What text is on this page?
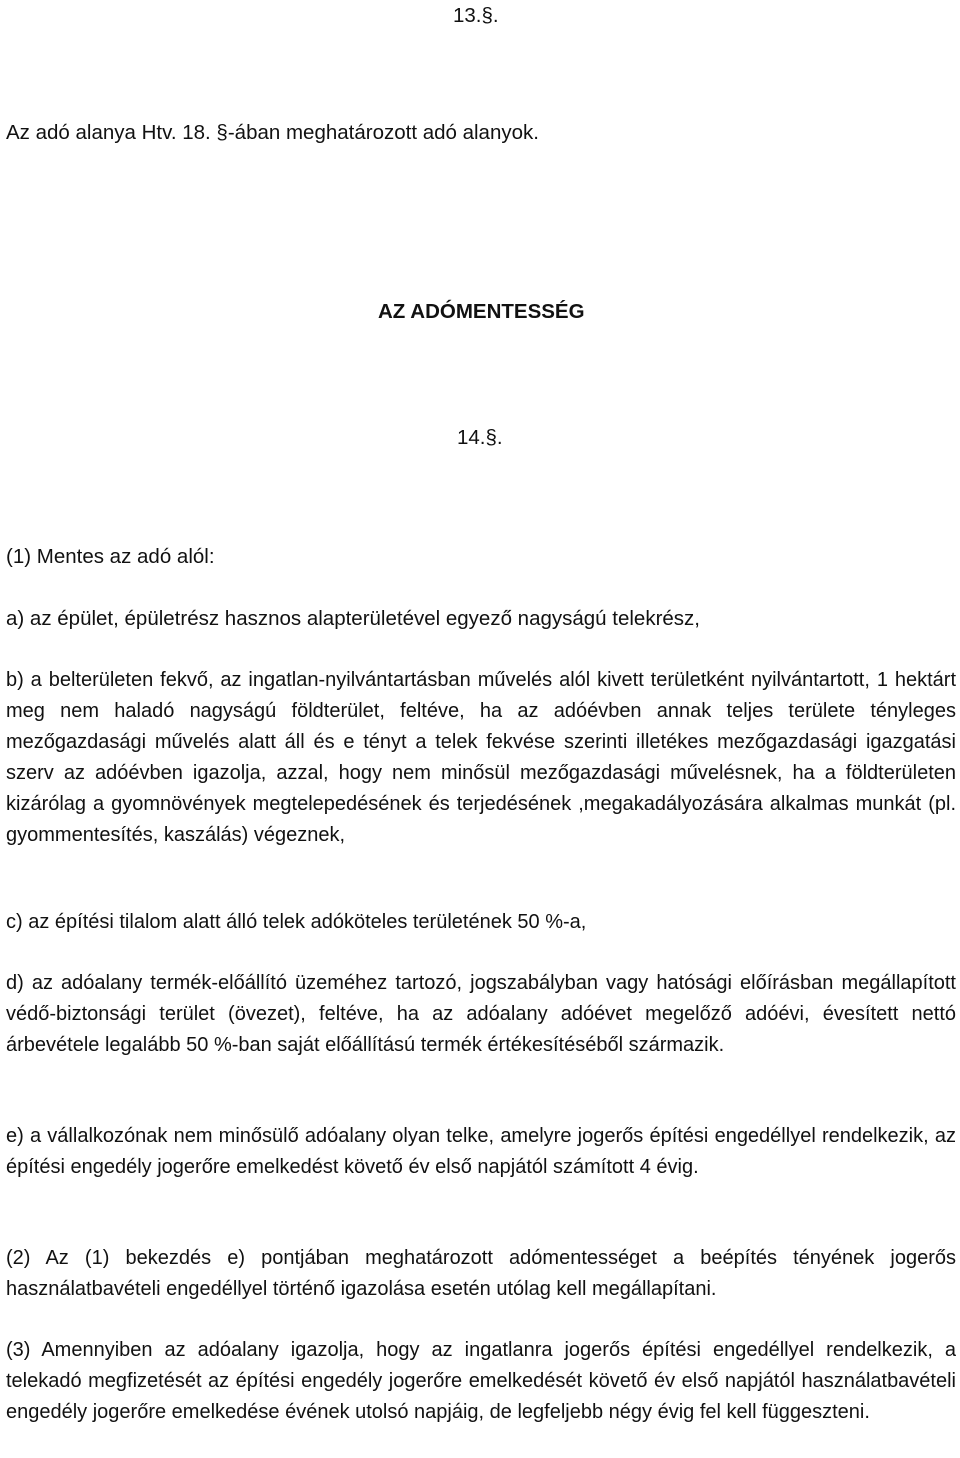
13.§.
Az adó alanya Htv. 18. §-ában meghatározott adó alanyok.
AZ ADÓMENTESSÉG
14.§.
(1) Mentes az adó alól:
a) az épület, épületrész hasznos alapterületével egyező nagyságú telekrész,

b) a belterületen fekvő, az ingatlan-nyilvántartásban művelés alól kivett területként nyilvántartott, 1 hektárt meg nem haladó nagyságú földterület, feltéve, ha az adóévben annak teljes területe tényleges mezőgazdasági művelés alatt áll és e tényt a telek fekvése szerinti illetékes mezőgazdasági igazgatási szerv az adóévben igazolja, azzal, hogy nem minősül mezőgazdasági művelésnek, ha a földterületen kizárólag a gyomnövények megtelepedésének és terjedésének ,megakadályozására alkalmas munkát (pl. gyommentesítés, kaszálás) végeznek,

c) az építési tilalom alatt álló telek adóköteles területének 50 %-a,

d) az adóalany termék-előállító üzeméhez tartozó, jogszabályban vagy hatósági előírásban megállapított védő-biztonsági terület (övezet), feltéve, ha az adóalany adóévet megelőző adóévi, évesített nettó árbevétele legalább 50 %-ban saját előállítású termék értékesítéséből származik.

e) a vállalkozónak nem minősülő adóalany olyan telke, amelyre jogerős építési engedéllyel rendelkezik, az építési engedély jogerőre emelkedést követő év első napjától számított 4 évig.

(2) Az (1) bekezdés e) pontjában meghatározott adómentességet a beépítés tényének jogerős használatbavételi engedéllyel történő igazolása esetén utólag kell megállapítani.

(3) Amennyiben az adóalany igazolja, hogy az ingatlanra jogerős építési engedéllyel rendelkezik, a telekadó megfizetését az építési engedély jogerőre emelkedését követő év első napjától használatbavételi engedély jogerőre emelkedése évének utolsó napjáig, de legfeljebb négy évig fel kell függeszteni.
